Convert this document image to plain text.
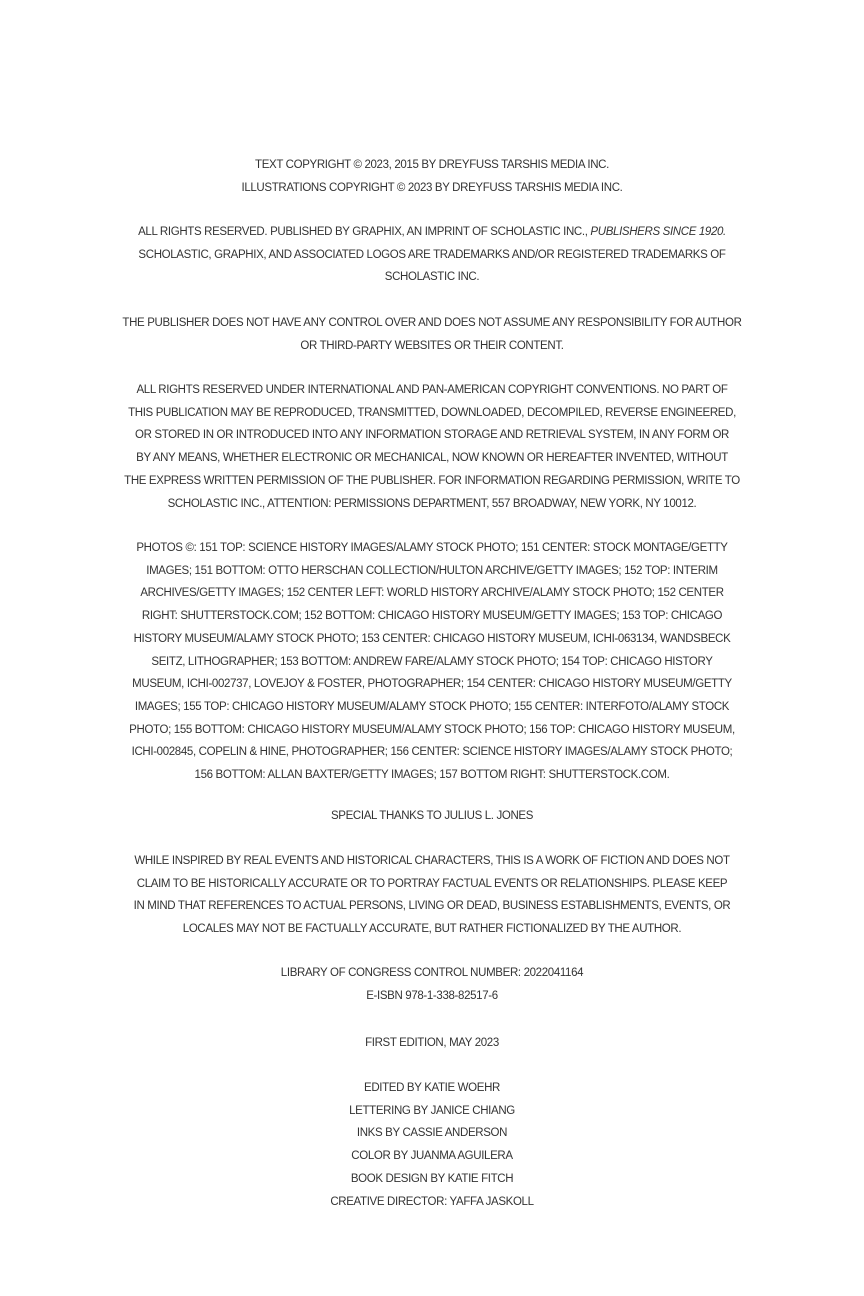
TEXT COPYRIGHT © 2023, 2015 BY DREYFUSS TARSHIS MEDIA INC.
ILLUSTRATIONS COPYRIGHT © 2023 BY DREYFUSS TARSHIS MEDIA INC.
ALL RIGHTS RESERVED. PUBLISHED BY GRAPHIX, AN IMPRINT OF SCHOLASTIC INC., PUBLISHERS SINCE 1920.
SCHOLASTIC, GRAPHIX, AND ASSOCIATED LOGOS ARE TRADEMARKS AND/OR REGISTERED TRADEMARKS OF
SCHOLASTIC INC.
THE PUBLISHER DOES NOT HAVE ANY CONTROL OVER AND DOES NOT ASSUME ANY RESPONSIBILITY FOR AUTHOR
OR THIRD-PARTY WEBSITES OR THEIR CONTENT.
ALL RIGHTS RESERVED UNDER INTERNATIONAL AND PAN-AMERICAN COPYRIGHT CONVENTIONS. NO PART OF
THIS PUBLICATION MAY BE REPRODUCED, TRANSMITTED, DOWNLOADED, DECOMPILED, REVERSE ENGINEERED,
OR STORED IN OR INTRODUCED INTO ANY INFORMATION STORAGE AND RETRIEVAL SYSTEM, IN ANY FORM OR
BY ANY MEANS, WHETHER ELECTRONIC OR MECHANICAL, NOW KNOWN OR HEREAFTER INVENTED, WITHOUT
THE EXPRESS WRITTEN PERMISSION OF THE PUBLISHER. FOR INFORMATION REGARDING PERMISSION, WRITE TO
SCHOLASTIC INC., ATTENTION: PERMISSIONS DEPARTMENT, 557 BROADWAY, NEW YORK, NY 10012.
PHOTOS ©: 151 TOP: SCIENCE HISTORY IMAGES/ALAMY STOCK PHOTO; 151 CENTER: STOCK MONTAGE/GETTY
IMAGES; 151 BOTTOM: OTTO HERSCHAN COLLECTION/HULTON ARCHIVE/GETTY IMAGES; 152 TOP: INTERIM
ARCHIVES/GETTY IMAGES; 152 CENTER LEFT: WORLD HISTORY ARCHIVE/ALAMY STOCK PHOTO; 152 CENTER
RIGHT: SHUTTERSTOCK.COM; 152 BOTTOM: CHICAGO HISTORY MUSEUM/GETTY IMAGES; 153 TOP: CHICAGO
HISTORY MUSEUM/ALAMY STOCK PHOTO; 153 CENTER: CHICAGO HISTORY MUSEUM, ICHI-063134, WANDSBECK
SEITZ, LITHOGRAPHER; 153 BOTTOM: ANDREW FARE/ALAMY STOCK PHOTO; 154 TOP: CHICAGO HISTORY
MUSEUM, ICHI-002737, LOVEJOY & FOSTER, PHOTOGRAPHER; 154 CENTER: CHICAGO HISTORY MUSEUM/GETTY
IMAGES; 155 TOP: CHICAGO HISTORY MUSEUM/ALAMY STOCK PHOTO; 155 CENTER: INTERFOTO/ALAMY STOCK
PHOTO; 155 BOTTOM: CHICAGO HISTORY MUSEUM/ALAMY STOCK PHOTO; 156 TOP: CHICAGO HISTORY MUSEUM,
ICHI-002845, COPELIN & HINE, PHOTOGRAPHER; 156 CENTER: SCIENCE HISTORY IMAGES/ALAMY STOCK PHOTO;
156 BOTTOM: ALLAN BAXTER/GETTY IMAGES; 157 BOTTOM RIGHT: SHUTTERSTOCK.COM.
SPECIAL THANKS TO JULIUS L. JONES
WHILE INSPIRED BY REAL EVENTS AND HISTORICAL CHARACTERS, THIS IS A WORK OF FICTION AND DOES NOT
CLAIM TO BE HISTORICALLY ACCURATE OR TO PORTRAY FACTUAL EVENTS OR RELATIONSHIPS. PLEASE KEEP
IN MIND THAT REFERENCES TO ACTUAL PERSONS, LIVING OR DEAD, BUSINESS ESTABLISHMENTS, EVENTS, OR
LOCALES MAY NOT BE FACTUALLY ACCURATE, BUT RATHER FICTIONALIZED BY THE AUTHOR.
LIBRARY OF CONGRESS CONTROL NUMBER: 2022041164
E-ISBN 978-1-338-82517-6
FIRST EDITION, MAY 2023
EDITED BY KATIE WOEHR
LETTERING BY JANICE CHIANG
INKS BY CASSIE ANDERSON
COLOR BY JUANMA AGUILERA
BOOK DESIGN BY KATIE FITCH
CREATIVE DIRECTOR: YAFFA JASKOLL
